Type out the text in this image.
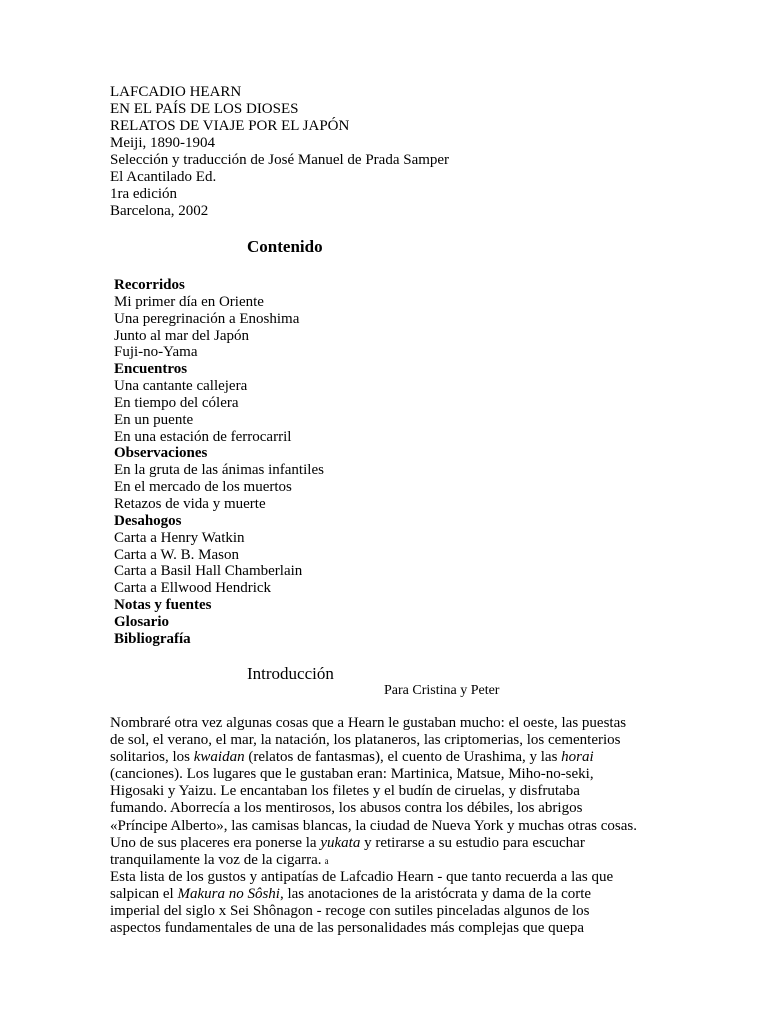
LAFCADIO HEARN
EN EL PAÍS DE LOS DIOSES
RELATOS DE VIAJE POR EL JAPÓN
Meiji, 1890-1904
Selección y traducción de José Manuel de Prada Samper
El Acantilado Ed.
1ra edición
Barcelona, 2002
Contenido
Recorridos
Mi primer día en Oriente
Una peregrinación a Enoshima
Junto al mar del Japón
Fuji-no-Yama
Encuentros
Una cantante callejera
En tiempo del cólera
En un puente
En una estación de ferrocarril
Observaciones
En la gruta de las ánimas infantiles
En el mercado de los muertos
Retazos de vida y muerte
Desahogos
Carta a Henry Watkin
Carta a W. B. Mason
Carta a Basil Hall Chamberlain
Carta a Ellwood Hendrick
Notas y fuentes
Glosario
Bibliografía
Introducción
Para Cristina y Peter
Nombraré otra vez algunas cosas que a Hearn le gustaban mucho: el oeste, las puestas
de sol, el verano, el mar, la natación, los plataneros, las criptomerias, los cementerios
solitarios, los kwaidan (relatos de fantasmas), el cuento de Urashima, y las horai
(canciones). Los lugares que le gustaban eran: Martinica, Matsue, Miho-no-seki,
Higosaki y Yaizu. Le encantaban los filetes y el budín de ciruelas, y disfrutaba
fumando. Aborrecía a los mentirosos, los abusos contra los débiles, los abrigos
«Príncipe Alberto», las camisas blancas, la ciudad de Nueva York y muchas otras cosas.
Uno de sus placeres era ponerse la yukata y retirarse a su estudio para escuchar
tranquilamente la voz de la cigarra. a
Esta lista de los gustos y antipatías de Lafcadio Hearn - que tanto recuerda a las que
salpican el Makura no Sôshi, las anotaciones de la aristócrata y dama de la corte
imperial del siglo x Sei Shônagon - recoge con sutiles pinceladas algunos de los
aspectos fundamentales de una de las personalidades más complejas que quepa
